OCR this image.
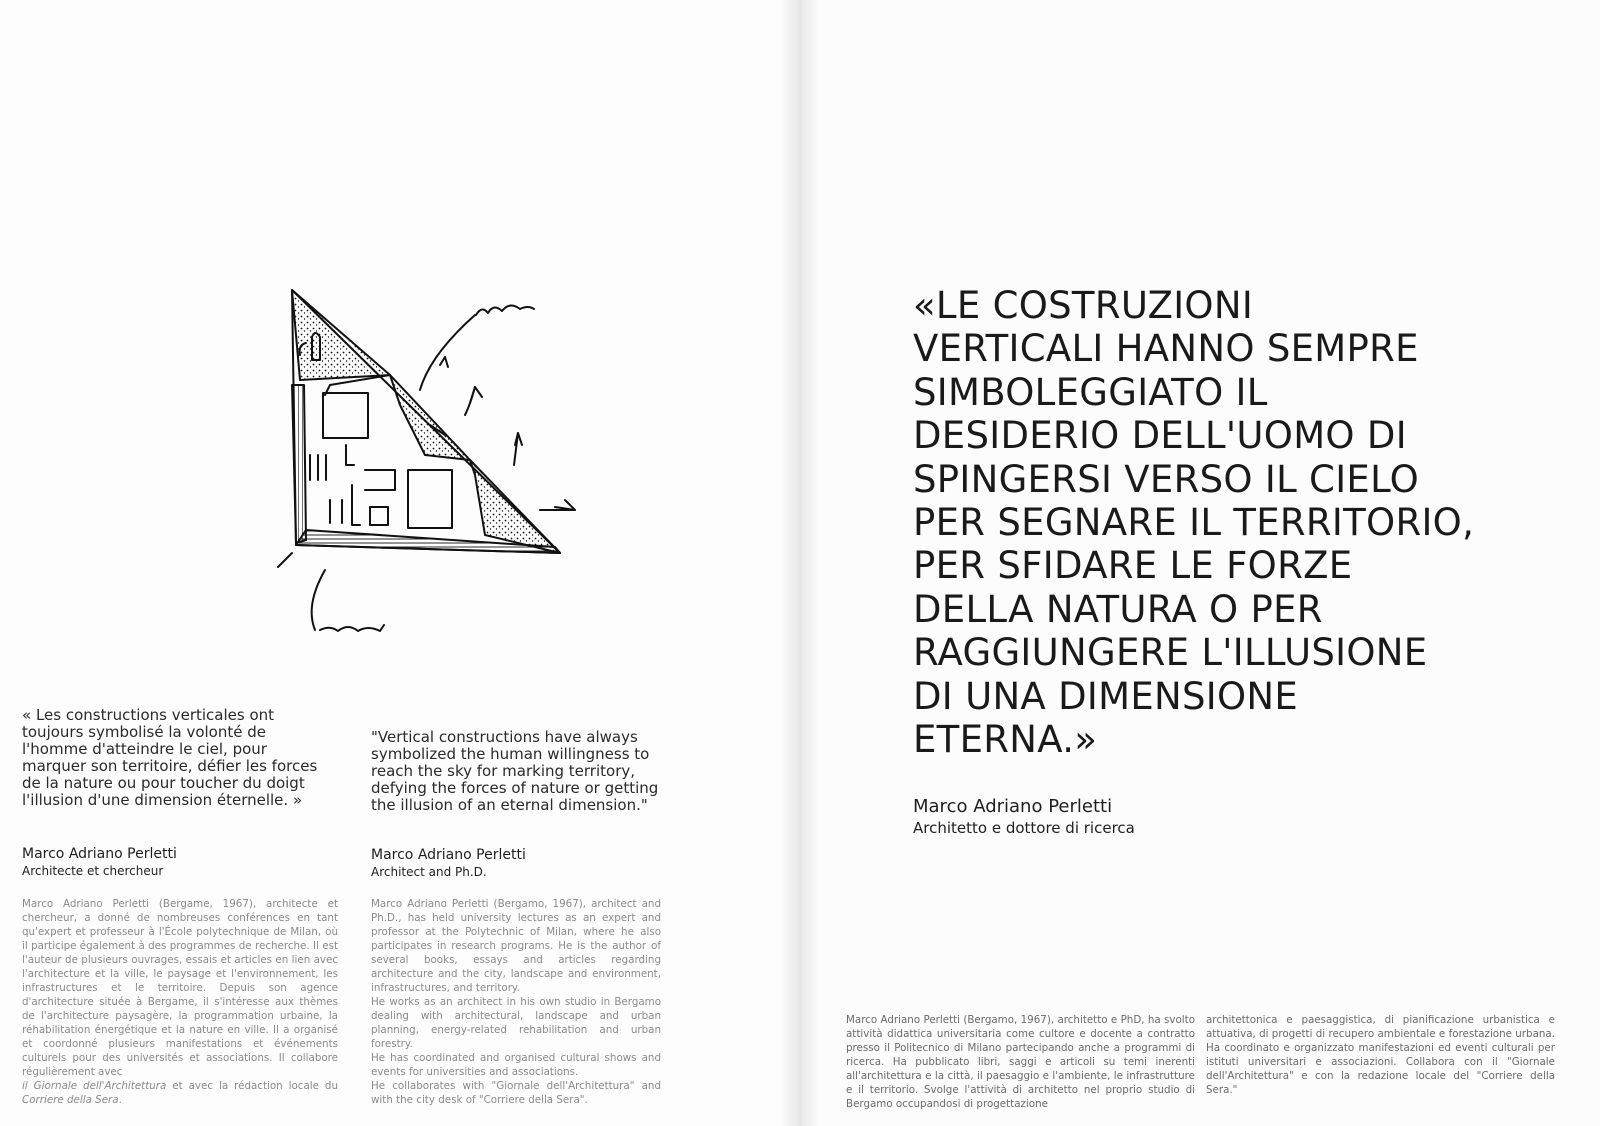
« Les constructions verticales ont toujours symbolisé la volonté de l'homme d'atteindre le ciel, pour marquer son territoire, défier les forces de la nature ou pour toucher du doigt l'illusion d'une dimension éternelle. »

"Vertical constructions have always symbolized the human willingness to reach the sky for marking territory, defying the forces of nature or getting the illusion of an eternal dimension."

Marco Adriano Perletti

Architecte et chercheur

Marco Adriano Perletti

Architect and Ph.D.

Marco Adriano Perletti (Bergame, 1967), architecte et chercheur, a donné de nombreuses conférences en tant qu'expert et professeur à l'École polytechnique de Milan, où il participe également à des programmes de recherche. Il est l'auteur de plusieurs ouvrages, essais et articles en lien avec l'architecture et la ville, le paysage et l'environnement, les infrastructures et le territoire. Depuis son agence d'architecture située à Bergame, il s'intéresse aux thèmes de l'architecture paysagère, la programmation urbaine, la réhabilitation énergétique et la nature en ville. Il a organisé et coordonné plusieurs manifestations et événements culturels pour des universités et associations. Il collabore régulièrement avec
il Giornale dell'Architettura et avec la rédaction locale du Corriere della Sera.

Marco Adriano Perletti (Bergamo, 1967), architect and Ph.D., has held university lectures as an expert and professor at the Polytechnic of Milan, where he also participates in research programs. He is the author of several books, essays and articles regarding architecture and the city, landscape and environment, infrastructures, and territory.
He works as an architect in his own studio in Bergamo dealing with architectural, landscape and urban planning, energy-related rehabilitation and urban forestry.
He has coordinated and organised cultural shows and events for universities and associations.
He collaborates with "Giornale dell'Architettura" and with the city desk of "Corriere della Sera".

«LE COSTRUZIONI
VERTICALI HANNO SEMPRE
SIMBOLEGGIATO IL
DESIDERIO DELL'UOMO DI
SPINGERSI VERSO IL CIELO
PER SEGNARE IL TERRITORIO,
PER SFIDARE LE FORZE
DELLA NATURA O PER
RAGGIUNGERE L'ILLUSIONE
DI UNA DIMENSIONE
ETERNA.»

Marco Adriano Perletti

Architetto e dottore di ricerca

Marco Adriano Perletti (Bergamo, 1967), architetto e PhD, ha svolto attività didattica universitaria come cultore e docente a contratto presso il Politecnico di Milano partecipando anche a programmi di ricerca. Ha pubblicato libri, saggi e articoli su temi inerenti all'architettura e la città, il paesaggio e l'ambiente, le infrastrutture e il territorio. Svolge l'attività di architetto nel proprio studio di Bergamo occupandosi di progettazione

architettonica e paesaggistica, di pianificazione urbanistica e attuativa, di progetti di recupero ambientale e forestazione urbana. Ha coordinato e organizzato manifestazioni ed eventi culturali per istituti universitari e associazioni. Collabora con il "Giornale dell'Architettura" e con la redazione locale del "Corriere della Sera."
